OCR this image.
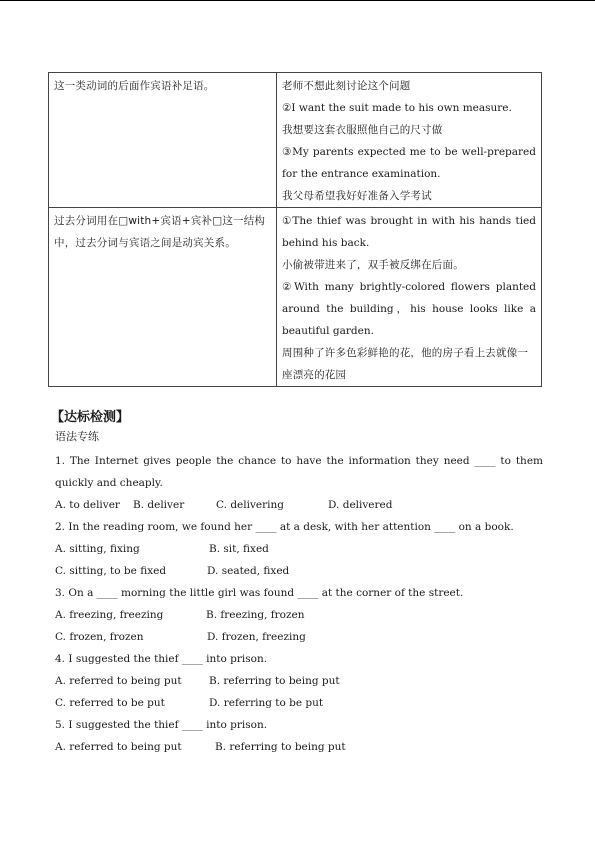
这一类动词的后面作宾语补足语。	老师不想此刻讨论这个问题
②I want the suit made to his own measure.
我想要这套衣服照他自己的尺寸做
③My parents expected me to be well-prepared for the entrance examination.
我父母希望我好好准备入学考试

过去分词用在□with+宾语+宾补□这一结构中，过去分词与宾语之间是动宾关系。	①The thief was brought in with his hands tied behind his back.
小偷被带进来了，双手被反绑在后面。
②With many brightly-colored flowers planted around the building，his house looks like a beautiful garden.
周围种了许多色彩鲜艳的花，他的房子看上去就像一座漂亮的花园
【达标检测】
语法专练
1. The Internet gives people the chance to have the information they need ____ to them quickly and cheaply.
A. to deliver B. deliver	C. delivering	D. delivered
2. In the reading room, we found her ____ at a desk, with her attention ____ on a book.
A. sitting, fixing	B. sit, fixed
C. sitting, to be fixed	D. seated, fixed
3. On a ____ morning the little girl was found ____ at the corner of the street.
A. freezing, freezing	B. freezing, frozen
C. frozen, frozen	D. frozen, freezing
4. I suggested the thief ____ into prison.
A. referred to being put	B. referring to being put
C. referred to be put	D. referring to be put
5. I suggested the thief ____ into prison.
A. referred to being put	B. referring to being put
